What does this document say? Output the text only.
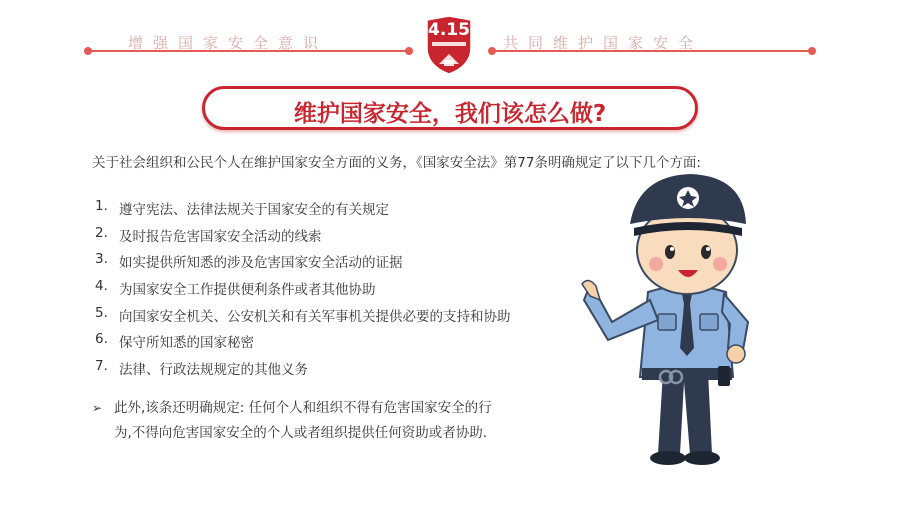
增强国家安全意识
4.15
共同维护国家安全
维护国家安全，我们该怎么做?
关于社会组织和公民个人在维护国家安全方面的义务，《国家安全法》第77条明确规定了以下几个方面:
1. 遵守宪法、法律法规关于国家安全的有关规定
2. 及时报告危害国家安全活动的线索
3. 如实提供所知悉的涉及危害国家安全活动的证据
4. 为国家安全工作提供便利条件或者其他协助
5. 向国家安全机关、公安机关和有关军事机关提供必要的支持和协助
6. 保守所知悉的国家秘密
7. 法律、行政法规规定的其他义务
➢ 此外,该条还明确规定: 任何个人和组织不得有危害国家安全的行
为,不得向危害国家安全的个人或者组织提供任何资助或者协助.
